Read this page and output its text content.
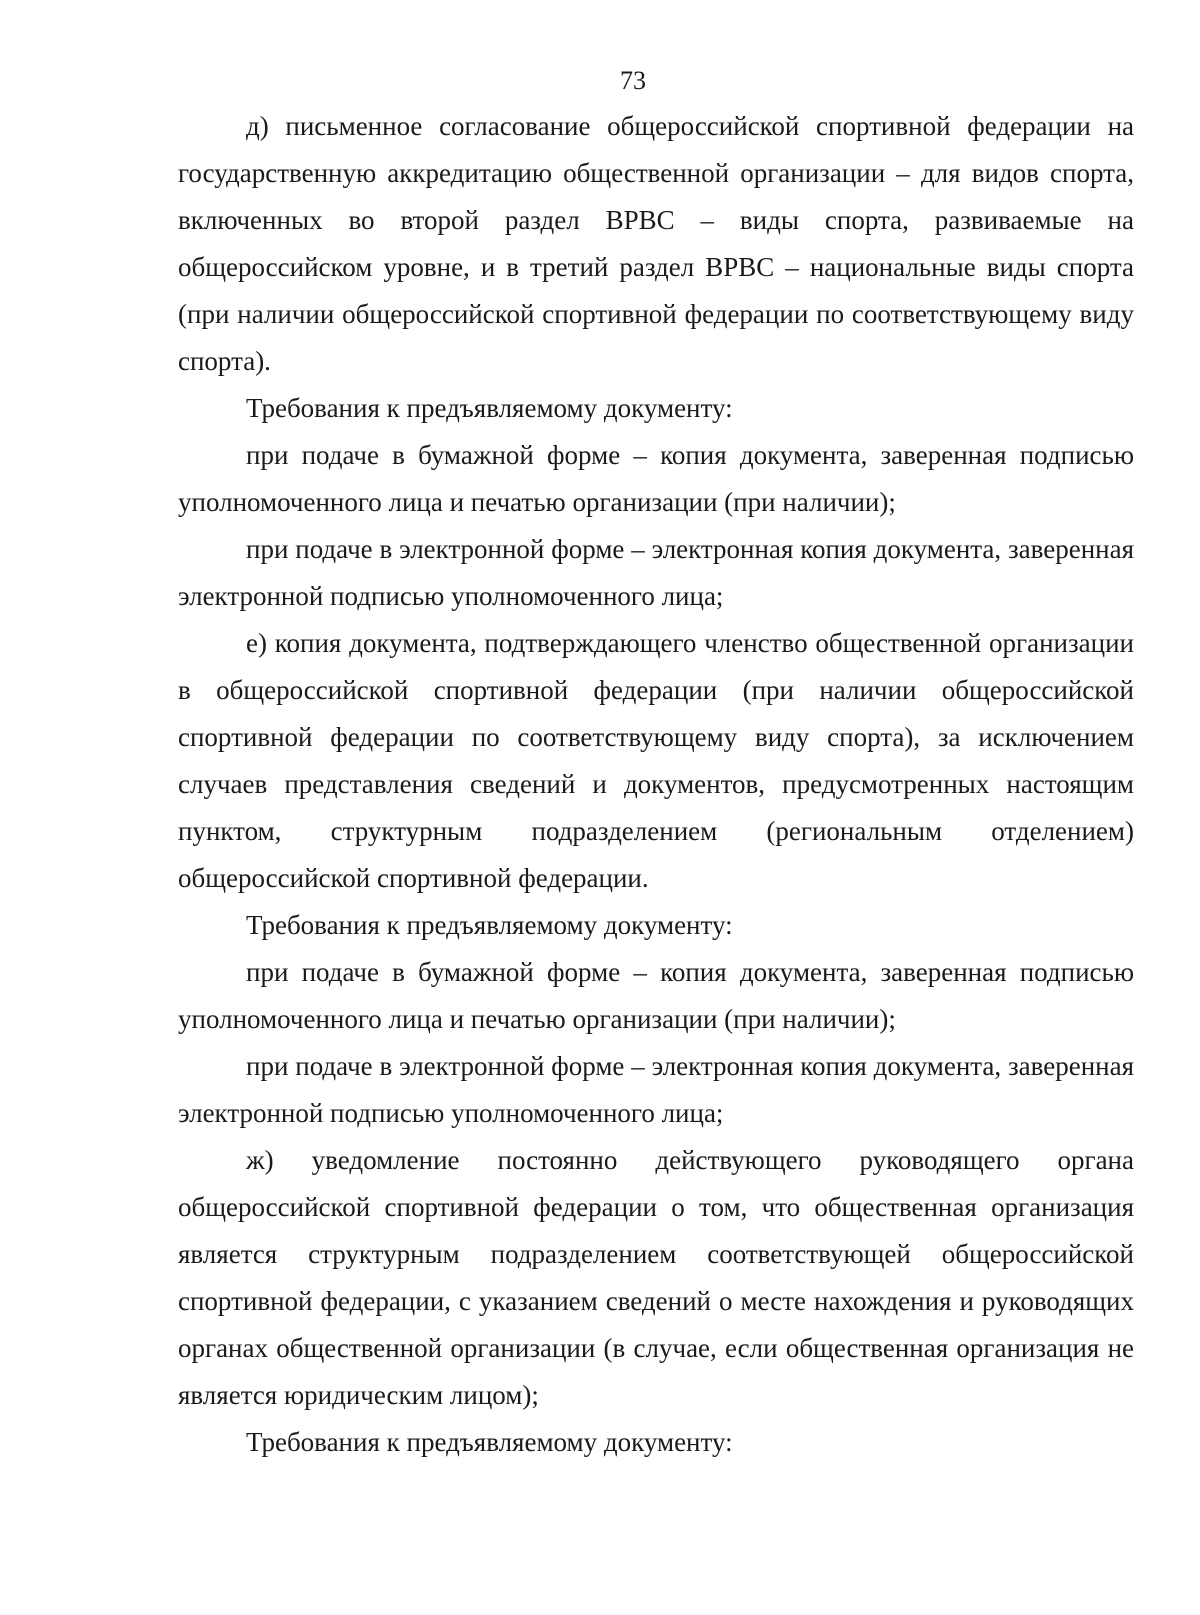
73

д) письменное согласование общероссийской спортивной федерации на государственную аккредитацию общественной организации – для видов спорта, включенных во второй раздел ВРВС – виды спорта, развиваемые на общероссийском уровне, и в третий раздел ВРВС – национальные виды спорта (при наличии общероссийской спортивной федерации по соответствующему виду спорта).

Требования к предъявляемому документу:

при подаче в бумажной форме – копия документа, заверенная подписью уполномоченного лица и печатью организации (при наличии);

при подаче в электронной форме – электронная копия документа, заверенная электронной подписью уполномоченного лица;

е) копия документа, подтверждающего членство общественной организации в общероссийской спортивной федерации (при наличии общероссийской спортивной федерации по соответствующему виду спорта), за исключением случаев представления сведений и документов, предусмотренных настоящим пунктом, структурным подразделением (региональным отделением) общероссийской спортивной федерации.

Требования к предъявляемому документу:

при подаче в бумажной форме – копия документа, заверенная подписью уполномоченного лица и печатью организации (при наличии);

при подаче в электронной форме – электронная копия документа, заверенная электронной подписью уполномоченного лица;

ж) уведомление постоянно действующего руководящего органа общероссийской спортивной федерации о том, что общественная организация является структурным подразделением соответствующей общероссийской спортивной федерации, с указанием сведений о месте нахождения и руководящих органах общественной организации (в случае, если общественная организация не является юридическим лицом);

Требования к предъявляемому документу:
